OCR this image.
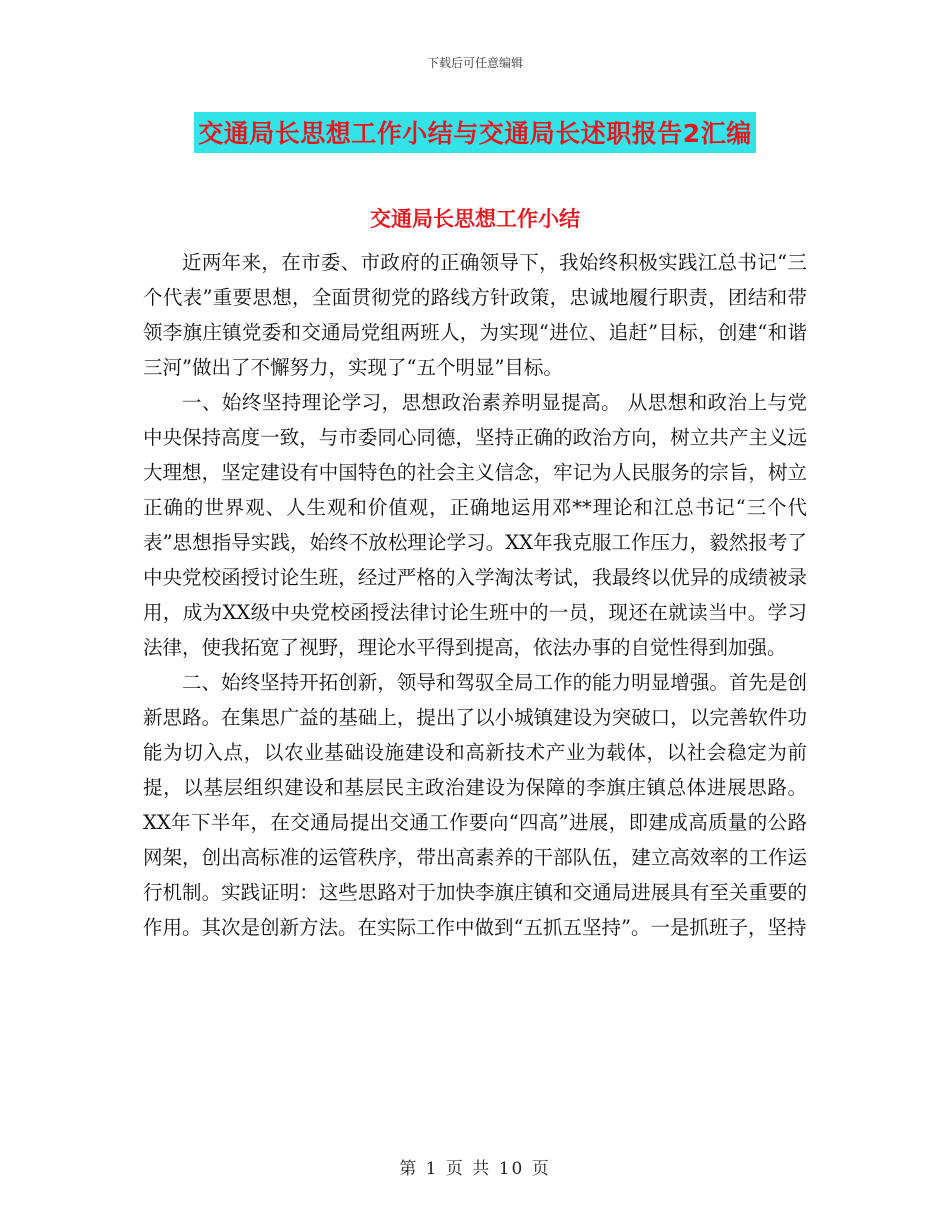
下载后可任意编辑
交通局长思想工作小结与交通局长述职报告2汇编
交通局长思想工作小结

近两年来，在市委、市政府的正确领导下，我始终积极实践江总书记“三个代表”重要思想，全面贯彻党的路线方针政策，忠诚地履行职责，团结和带领李旗庄镇党委和交通局党组两班人，为实现“进位、追赶”目标，创建“和谐三河”做出了不懈努力，实现了“五个明显”目标。

一、始终坚持理论学习，思想政治素养明显提高。 从思想和政治上与党中央保持高度一致，与市委同心同德，坚持正确的政治方向，树立共产主义远大理想，坚定建设有中国特色的社会主义信念，牢记为人民服务的宗旨，树立正确的世界观、人生观和价值观，正确地运用邓**理论和江总书记“三个代表”思想指导实践，始终不放松理论学习。XX年我克服工作压力，毅然报考了中央党校函授讨论生班，经过严格的入学淘汰考试，我最终以优异的成绩被录用，成为XX级中央党校函授法律讨论生班中的一员，现还在就读当中。学习法律，使我拓宽了视野，理论水平得到提高，依法办事的自觉性得到加强。

二、始终坚持开拓创新，领导和驾驭全局工作的能力明显增强。首先是创新思路。在集思广益的基础上，提出了以小城镇建设为突破口，以完善软件功能为切入点，以农业基础设施建设和高新技术产业为载体，以社会稳定为前提，以基层组织建设和基层民主政治建设为保障的李旗庄镇总体进展思路。XX年下半年，在交通局提出交通工作要向“四高”进展，即建成高质量的公路网架，创出高标准的运管秩序，带出高素养的干部队伍，建立高效率的工作运行机制。实践证明：这些思路对于加快李旗庄镇和交通局进展具有至关重要的作用。其次是创新方法。在实际工作中做到“五抓五坚持”。一是抓班子，坚持

第 1 页 共 10 页
